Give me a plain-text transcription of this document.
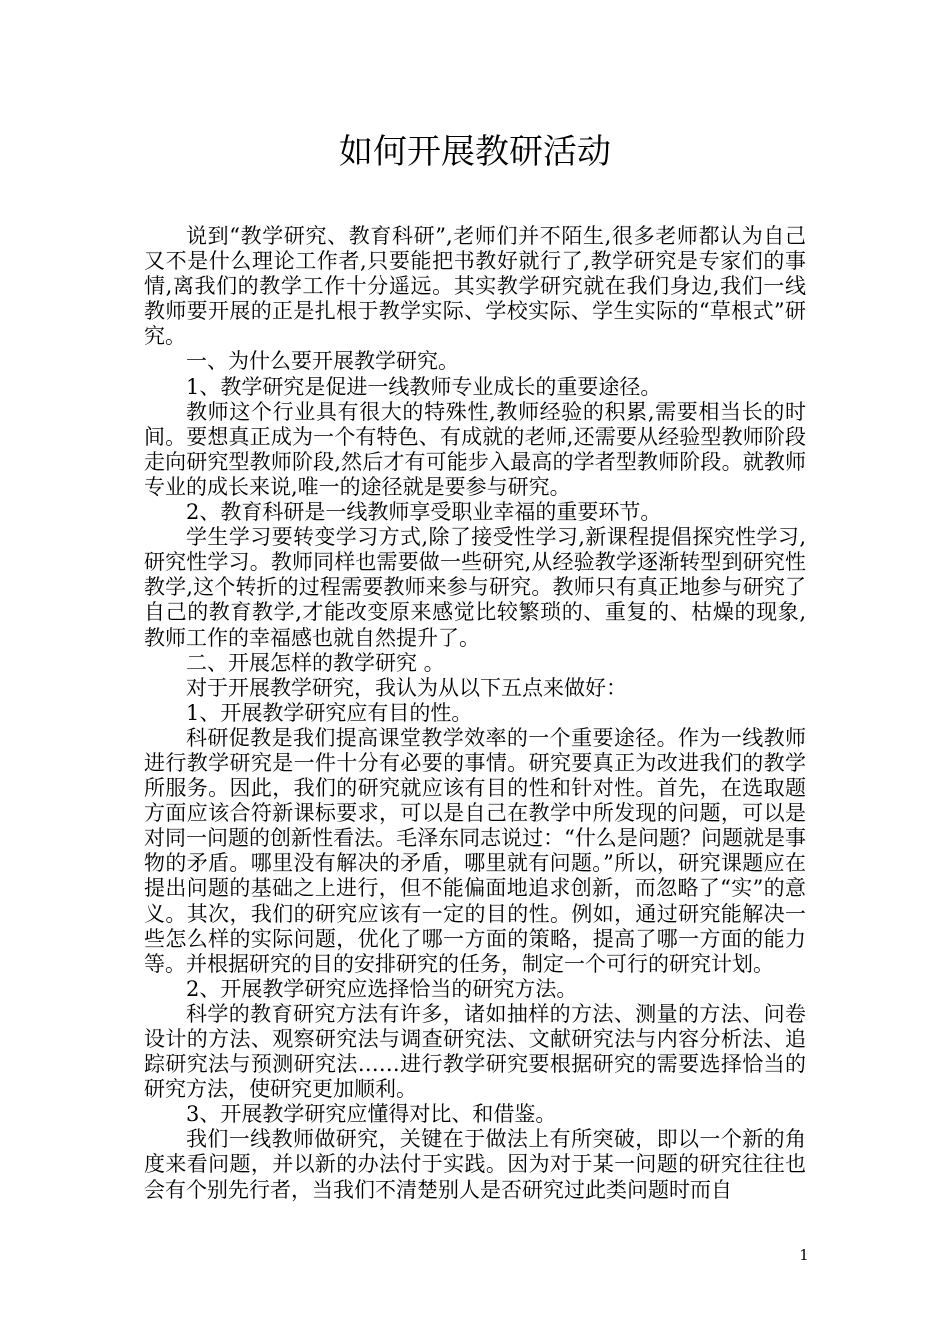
如何开展教研活动

说到“教学研究、教育科研”,老师们并不陌生,很多老师都认为自己又不是什么理论工作者,只要能把书教好就行了,教学研究是专家们的事情,离我们的教学工作十分遥远。其实教学研究就在我们身边,我们一线教师要开展的正是扎根于教学实际、学校实际、学生实际的“草根式”研究。

一、为什么要开展教学研究。

1、教学研究是促进一线教师专业成长的重要途径。

教师这个行业具有很大的特殊性,教师经验的积累,需要相当长的时间。要想真正成为一个有特色、有成就的老师,还需要从经验型教师阶段走向研究型教师阶段,然后才有可能步入最高的学者型教师阶段。就教师专业的成长来说,唯一的途径就是要参与研究。

2、教育科研是一线教师享受职业幸福的重要环节。

学生学习要转变学习方式,除了接受性学习,新课程提倡探究性学习,研究性学习。教师同样也需要做一些研究,从经验教学逐渐转型到研究性教学,这个转折的过程需要教师来参与研究。教师只有真正地参与研究了自己的教育教学,才能改变原来感觉比较繁琐的、重复的、枯燥的现象,教师工作的幸福感也就自然提升了。

二、开展怎样的教学研究 。

对于开展教学研究，我认为从以下五点来做好：

1、开展教学研究应有目的性。

科研促教是我们提高课堂教学效率的一个重要途径。作为一线教师进行教学研究是一件十分有必要的事情。研究要真正为改进我们的教学所服务。因此，我们的研究就应该有目的性和针对性。首先，在选取题方面应该合符新课标要求，可以是自己在教学中所发现的问题，可以是对同一问题的创新性看法。毛泽东同志说过：“什么是问题？问题就是事物的矛盾。哪里没有解决的矛盾，哪里就有问题。”所以，研究课题应在提出问题的基础之上进行，但不能偏面地追求创新，而忽略了“实”的意义。其次，我们的研究应该有一定的目的性。例如，通过研究能解决一些怎么样的实际问题，优化了哪一方面的策略，提高了哪一方面的能力等。并根据研究的目的安排研究的任务，制定一个可行的研究计划。

2、开展教学研究应选择恰当的研究方法。

科学的教育研究方法有许多，诸如抽样的方法、测量的方法、问卷设计的方法、观察研究法与调查研究法、文献研究法与内容分析法、追踪研究法与预测研究法……进行教学研究要根据研究的需要选择恰当的研究方法，使研究更加顺利。

3、开展教学研究应懂得对比、和借鉴。

我们一线教师做研究，关键在于做法上有所突破，即以一个新的角度来看问题，并以新的办法付于实践。因为对于某一问题的研究往往也会有个别先行者，当我们不清楚别人是否研究过此类问题时而自

1
